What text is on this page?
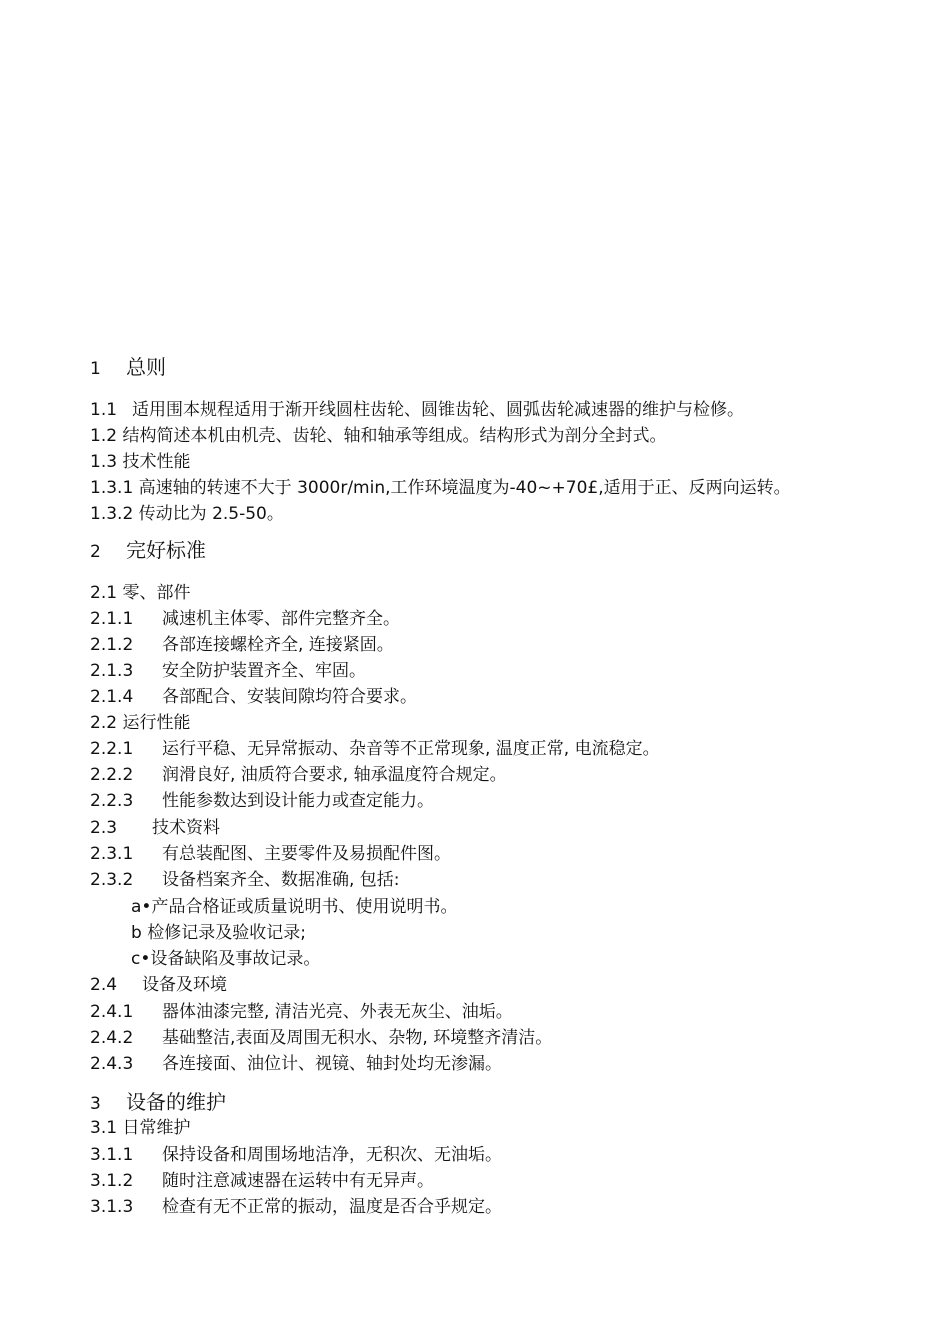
1 总则
1.1 适用围本规程适用于渐开线圆柱齿轮、圆锥齿轮、圆弧齿轮减速器的维护与检修。
1.2 结构简述本机由机壳、齿轮、轴和轴承等组成。结构形式为剖分全封式。
1.3 技术性能
1.3.1 高速轴的转速不大于 3000r/min,工作环境温度为-40~+70£,适用于正、反两向运转。
1.3.2 传动比为 2.5-50。
2 完好标准
2.1 零、部件
2.1.1 减速机主体零、部件完整齐全。
2.1.2 各部连接螺栓齐全, 连接紧固。
2.1.3 安全防护装置齐全、牢固。
2.1.4 各部配合、安装间隙均符合要求。
2.2 运行性能
2.2.1 运行平稳、无异常振动、杂音等不正常现象, 温度正常, 电流稳定。
2.2.2 润滑良好, 油质符合要求, 轴承温度符合规定。
2.2.3 性能参数达到设计能力或查定能力。
2.3 技术资料
2.3.1 有总装配图、主要零件及易损配件图。
2.3.2 设备档案齐全、数据准确, 包括:
a•产品合格证或质量说明书、使用说明书。
b 检修记录及验收记录;
c•设备缺陷及事故记录。
2.4 设备及环境
2.4.1 器体油漆完整, 清洁光亮、外表无灰尘、油垢。
2.4.2 基础整洁,表面及周围无积水、杂物, 环境整齐清洁。
2.4.3 各连接面、油位计、视镜、轴封处均无渗漏。
3 设备的维护
3.1 日常维护
3.1.1 保持设备和周围场地洁净，无积次、无油垢。
3.1.2 随时注意减速器在运转中有无异声。
3.1.3 检查有无不正常的振动，温度是否合乎规定。
